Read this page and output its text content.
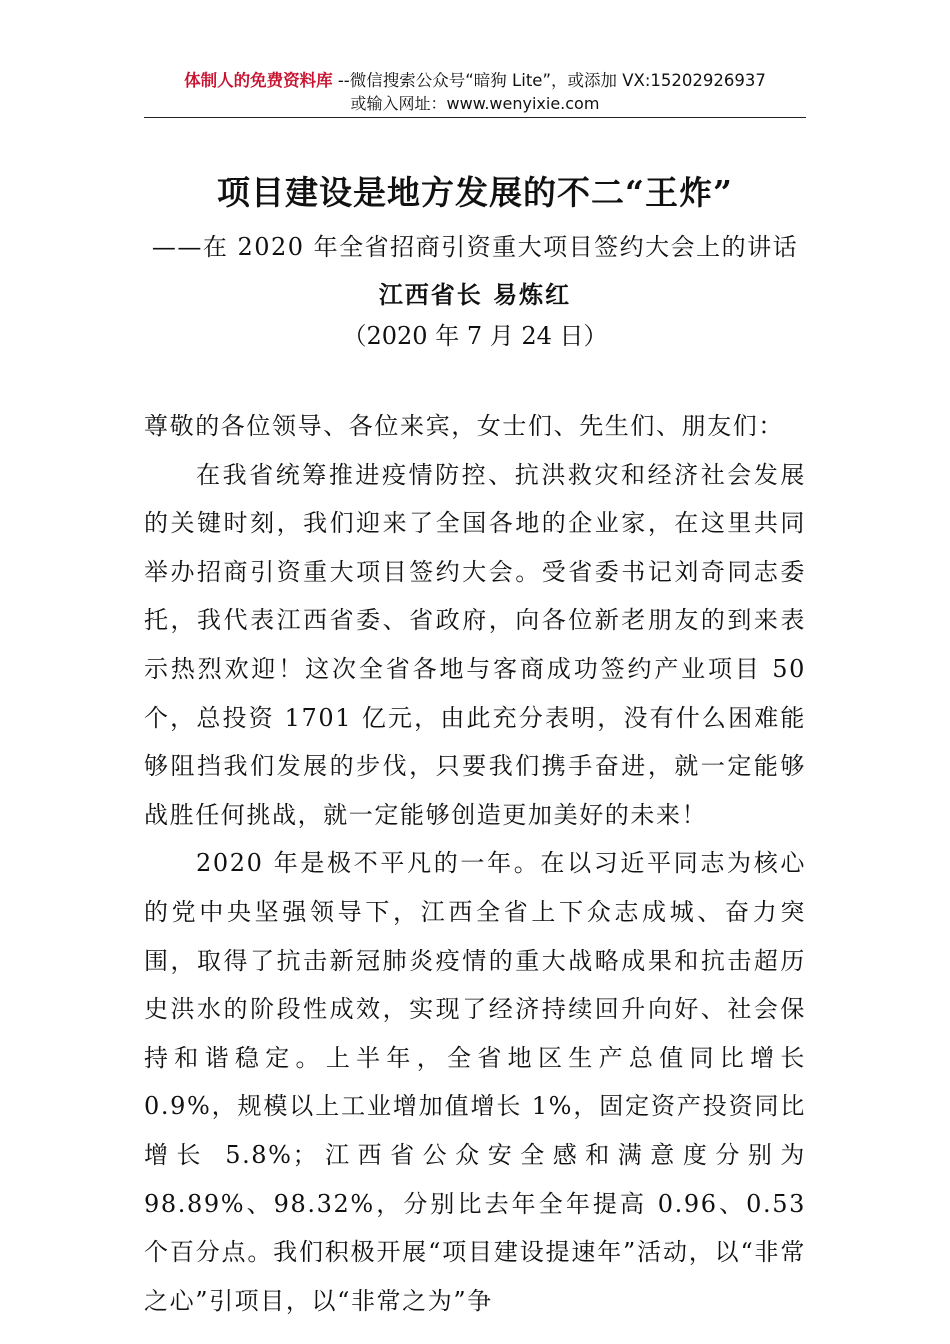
体制人的免费资料库 --微信搜索公众号“暗狗 Lite”，或添加 VX:15202926937
或输入网址：www.wenyixie.com
项目建设是地方发展的不二“王炸”
——在 2020 年全省招商引资重大项目签约大会上的讲话
江西省长 易炼红
（2020 年 7 月 24 日）

尊敬的各位领导、各位来宾，女士们、先生们、朋友们：

在我省统筹推进疫情防控、抗洪救灾和经济社会发展的关键时刻，我们迎来了全国各地的企业家，在这里共同举办招商引资重大项目签约大会。受省委书记刘奇同志委托，我代表江西省委、省政府，向各位新老朋友的到来表示热烈欢迎！这次全省各地与客商成功签约产业项目 50 个，总投资 1701 亿元，由此充分表明，没有什么困难能够阻挡我们发展的步伐，只要我们携手奋进，就一定能够战胜任何挑战，就一定能够创造更加美好的未来！

2020 年是极不平凡的一年。在以习近平同志为核心的党中央坚强领导下，江西全省上下众志成城、奋力突围，取得了抗击新冠肺炎疫情的重大战略成果和抗击超历史洪水的阶段性成效，实现了经济持续回升向好、社会保持和谐稳定。上半年，全省地区生产总值同比增长 0.9%，规模以上工业增加值增长 1%，固定资产投资同比增长 5.8%；江西省公众安全感和满意度分别为 98.89%、98.32%，分别比去年全年提高 0.96、0.53 个百分点。我们积极开展“项目建设提速年”活动，以“非常之心”引项目，以“非常之为”争
